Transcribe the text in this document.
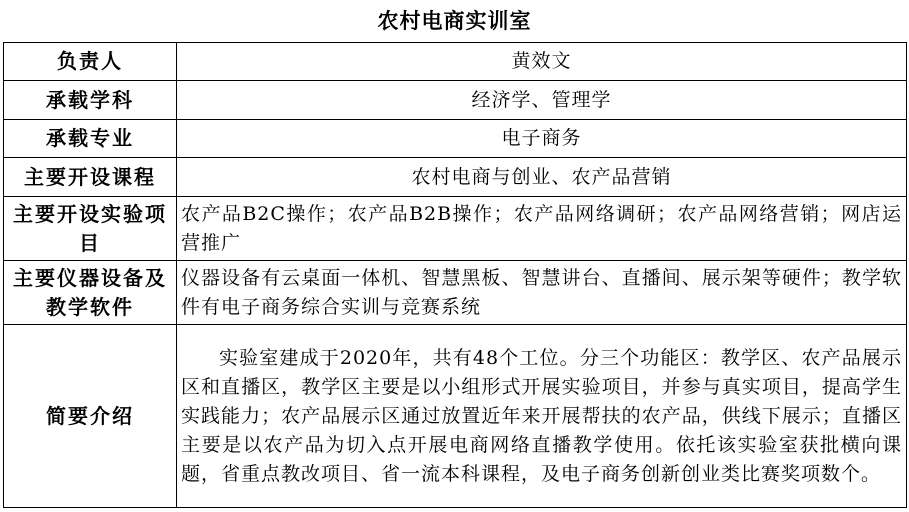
农村电商实训室
负责人	黄效文
承载学科	经济学、管理学
承载专业	电子商务
主要开设课程	农村电商与创业、农产品营销
主要开设实验项目	农产品B2C操作；农产品B2B操作；农产品网络调研；农产品网络营销；网店运营推广
主要仪器设备及教学软件	仪器设备有云桌面一体机、智慧黑板、智慧讲台、直播间、展示架等硬件；教学软件有电子商务综合实训与竞赛系统
简要介绍	实验室建成于2020年，共有48个工位。分三个功能区：教学区、农产品展示区和直播区，教学区主要是以小组形式开展实验项目，并参与真实项目，提高学生实践能力；农产品展示区通过放置近年来开展帮扶的农产品，供线下展示；直播区主要是以农产品为切入点开展电商网络直播教学使用。依托该实验室获批横向课题，省重点教改项目、省一流本科课程，及电子商务创新创业类比赛奖项数个。
